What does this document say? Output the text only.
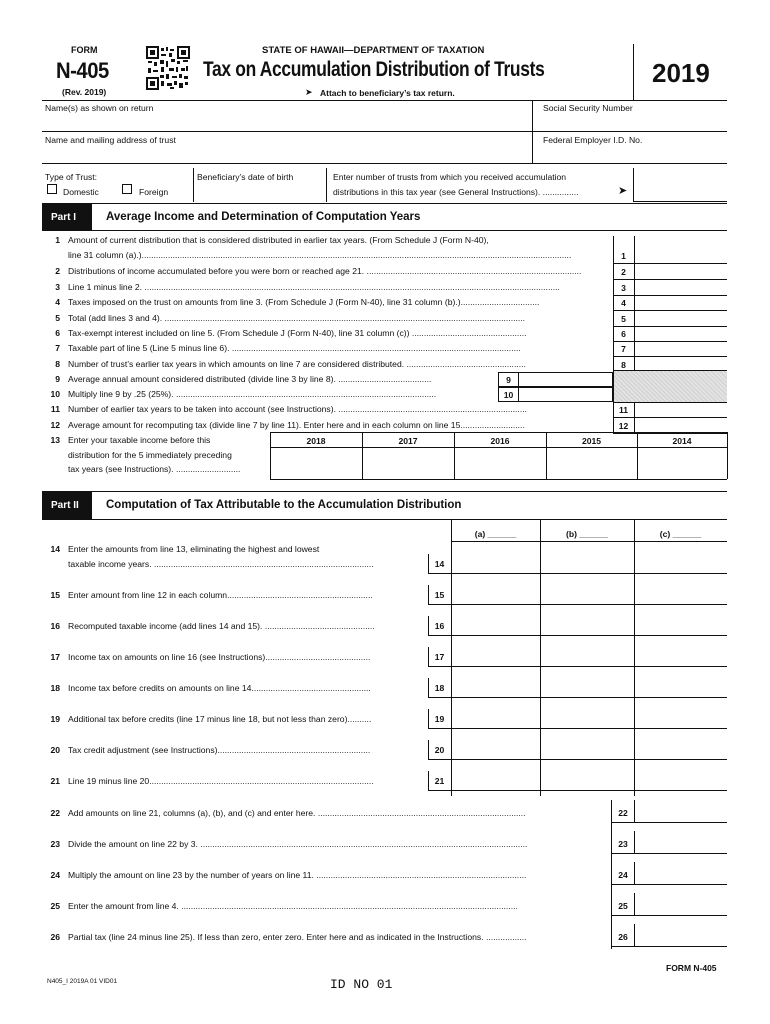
FORM
N-405
(Rev. 2019)
STATE OF HAWAII—DEPARTMENT OF TAXATION
Tax on Accumulation Distribution of Trusts
➤ Attach to beneficiary’s tax return.
2019
Name(s) as shown on return	Social Security Number
Name and mailing address of trust	Federal Employer I.D. No.
Type of Trust:
Domestic	Foreign
Beneficiary’s date of birth	Enter number of trusts from which you received accumulation
distributions in this tax year (see General Instructions). ...............	➤
Part I	Average Income and Determination of Computation Years
1 Amount of current distribution that is considered distributed in earlier tax years. (From Schedule J (Form N-40),
line 31 column (a).)....................................................................................................................................................................................	1
2 Distributions of income accumulated before you were born or reached age 21. ..........................................................................................	2
3 Line 1 minus line 2. ..............................................................................................................................................................................	3
4 Taxes imposed on the trust on amounts from line 3. (From Schedule J (Form N-40), line 31 column (b).).................................	4
5 Total (add lines 3 and 4). .......................................................................................................................................................	5
6 Tax-exempt interest included on line 5. (From Schedule J (Form N-40), line 31 column (c)) ................................................	6
7 Taxable part of line 5 (Line 5 minus line 6). .........................................................................................................................	7
8 Number of trust’s earlier tax years in which amounts on line 7 are considered distributed. ..................................................	8
9 Average annual amount considered distributed (divide line 3 by line 8). .......................................	9
10 Multiply line 9 by .25 (25%). .............................................................................................................	10
11 Number of earlier tax years to be taken into account (see Instructions). ...............................................................................	11
12 Average amount for recomputing tax (divide line 7 by line 11). Enter here and in each column on line 15...........................	12
13 Enter your taxable income before this
distribution for the 5 immediately preceding
tax years (see Instructions). ...........................
2018	2017	2016	2015	2014
Part II	Computation of Tax Attributable to the Accumulation Distribution
(a) ______	(b) ______	(c) ______
14 Enter the amounts from line 13, eliminating the highest and lowest
taxable income years. ............................................................................................	14
15 Enter amount from line 12 in each column.............................................................	15
16 Recomputed taxable income (add lines 14 and 15). ..............................................	16
17 Income tax on amounts on line 16 (see Instructions)............................................	17
18 Income tax before credits on amounts on line 14..................................................	18
19 Additional tax before credits (line 17 minus line 18, but not less than zero)..........	19
20 Tax credit adjustment (see Instructions)................................................................	20
21 Line 19 minus line 20..............................................................................................	21
22 Add amounts on line 21, columns (a), (b), and (c) and enter here. .......................................................................................	22
23 Divide the amount on line 22 by 3. .........................................................................................................................................	23
24 Multiply the amount on line 23 by the number of years on line 11. ........................................................................................	24
25 Enter the amount from line 4. .............................................................................................................................................	25
26 Partial tax (line 24 minus line 25). If less than zero, enter zero. Enter here and as indicated in the Instructions. .................	26
N405_I 2019A 01 VID01	ID NO 01
FORM N-405
